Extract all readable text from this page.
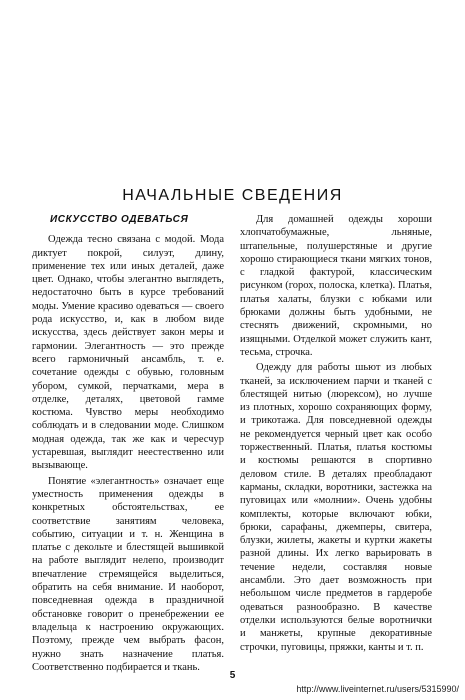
НАЧАЛЬНЫЕ СВЕДЕНИЯ
ИСКУССТВО ОДЕВАТЬСЯ

Одежда тесно связана с модой. Мода диктует покрой, силуэт, длину, применение тех или иных деталей, даже цвет. Однако, чтобы элегантно выглядеть, недостаточно быть в курсе требований моды. Умение красиво одеваться — своего рода искусство, и, как в любом виде искусства, здесь действует закон меры и гармонии. Элегантность — это прежде всего гармоничный ансамбль, т. е. сочетание одежды с обувью, головным убором, сумкой, перчатками, мера в отделке, деталях, цветовой гамме костюма. Чувство меры необходимо соблюдать и в следовании моде. Слишком модная одежда, так же как и чересчур устаревшая, выглядит неестественно или вызывающе.

Понятие «элегантность» означает еще уместность применения одежды в конкретных обстоятельствах, ее соответствие занятиям человека, событию, ситуации и т. н. Женщина в платье с декольте и блестящей вышивкой на работе выглядит нелепо, производит впечатление стремящейся выделиться, обратить на себя внимание. И наоборот, повседневная одежда в праздничной обстановке говорит о пренебрежении ее владельца к настроению окружающих. Поэтому, прежде чем выбрать фасон, нужно знать назначение платья. Соответственно подбирается и ткань.

Для домашней одежды хороши хлопчатобумажные, льняные, штапельные, полушерстяные и другие хорошо стирающиеся ткани мягких тонов, с гладкой фактурой, классическим рисунком (горох, полоска, клетка). Платья, платья халаты, блузки с юбками или брюками должны быть удобными, не стеснять движений, скромными, но изящными. Отделкой может служить кант, тесьма, строчка.

Одежду для работы шьют из любых тканей, за исключением парчи и тканей с блестящей нитью (люрексом), но лучше из плотных, хорошо сохраняющих форму, и трикотажа. Для повседневной одежды не рекомендуется черный цвет как особо торжественный. Платья, платья костюмы и костюмы решаются в спортивно деловом стиле. В деталях преобладают карманы, складки, воротники, застежка на пуговицах или «молнии». Очень удобны комплекты, которые включают юбки, брюки, сарафаны, джемперы, свитера, блузки, жилеты, жакеты и куртки жакеты разной длины. Их легко варьировать в течение недели, составляя новые ансамбли. Это дает возможность при небольшом числе предметов в гардеробе одеваться разнообразно. В качестве отделки используются белые воротнички и манжеты, крупные декоративные строчки, пуговицы, пряжки, канты и т. п.

5
http://www.liveinternet.ru/users/5315990/
